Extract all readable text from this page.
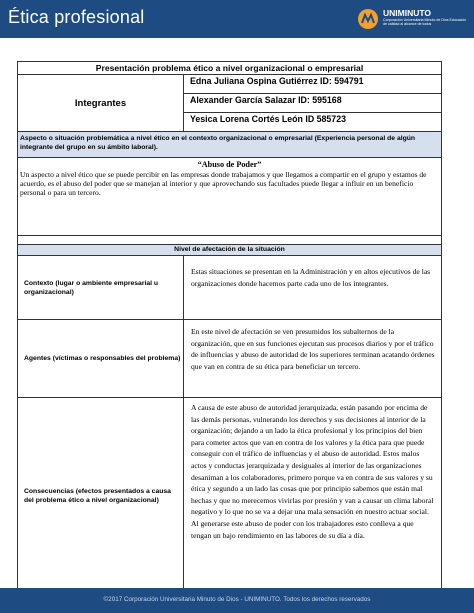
Ética profesional	UNIMINUTO
Corporación Universitaria Minuto de Dios Educación de calidad al alcance de todos
Presentación problema ético a nivel organizacional o empresarial	
Integrantes	Edna Juliana Ospina Gutiérrez ID: 594791
	Alexander García Salazar ID: 595168
	Yesica Lorena Cortés León ID 585723
Aspecto o situación problemática a nivel ético en el contexto organizacional o empresarial (Experiencia personal de algún integrante del grupo en su ámbito laboral).	

“Abuso de Poder”
Un aspecto a nivel ético que se puede percibir en las empresas donde trabajamos y que llegamos a compartir en el grupo y estamos de acuerdo, es el abuso del poder que se manejan al interior y que aprovechando sus facultades puede llegar a influir en un beneficio personal o para un tercero.	

Nivel de afectación de la situación	
Contexto (lugar o ambiente empresarial u organizacional)	Estas situaciones se presentan en la Administración y en altos ejecutivos de las organizaciones donde hacemos parte cada uno de los integrantes.

Agentes (víctimas o responsables del problema)	En este nivel de afectación se ven presumidos los subalternos de la organización, que en sus funciones ejecutan sus procesos diarios y por el tráfico de influencias y abuso de autoridad de los superiores terminan acatando órdenes que van en contra de su ética para beneficiar un tercero.

Consecuencias (efectos presentados a causa del problema ético a nivel organizacional)	A causa de este abuso de autoridad jerarquizada, están pasando por encima de las demás personas, vulnerando los derechos y sus decisiones al interior de la organización; dejando a un lado la ética profesional y los principios del bien para cometer actos que van en contra de los valores y la ética para que puede conseguir con el tráfico de influencias y el abuso de autoridad. Estos malos actos y conductas jerarquizada y desiguales al interior de las organizaciones desaniman a los colaboradores, primero porque va en contra de sus valores y su ética y segundo a un lado las cosas que por principio sabemos que están mal hechas y que no merecemos vivirlas por presión y van a causar un clima laboral negativo y lo que no se va a dejar una mala sensación en nuestro actuar social. Al generarse este abuso de poder con los trabajadores esto conlleva a que tengan un bajo rendimiento en las labores de su día a día.
©2017 Corporación Universitaria Minuto de Dios - UNIMINUTO. Todos los derechos reservados
